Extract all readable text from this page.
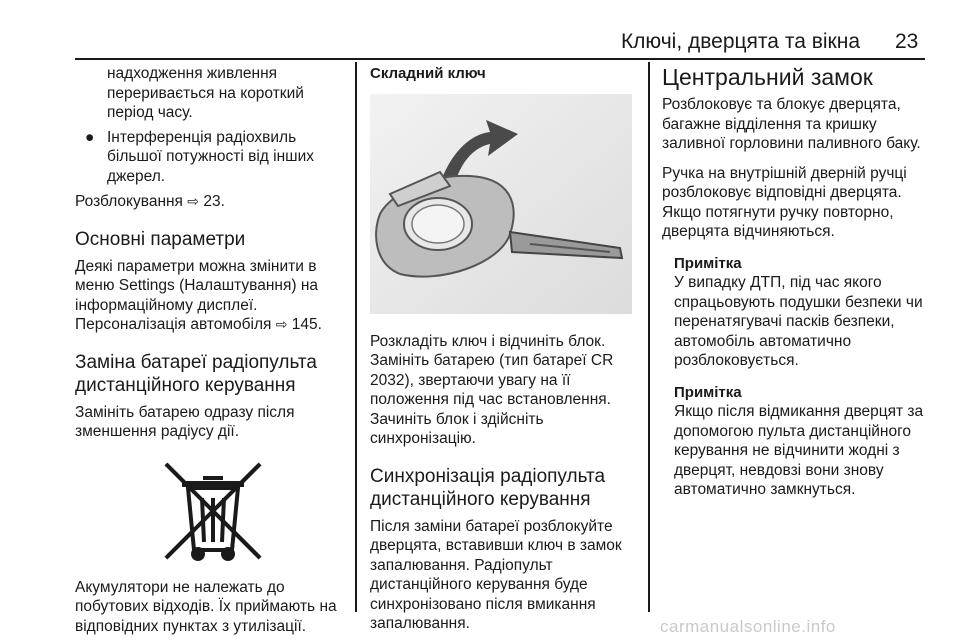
Ключі, дверцята та вікна 23

надходження живлення переривається на короткий період часу.

● Інтерференція радіохвиль більшої потужності від інших джерел.

Розблокування ⇨ 23.

Основні параметри

Деякі параметри можна змінити в меню Settings (Налаштування) на інформаційному дисплеї.

Персоналізація автомобіля ⇨ 145.

Заміна батареї радіопульта дистанційного керування

Замініть батарею одразу після зменшення радіусу дії.

Акумулятори не належать до побутових відходів. Їх приймають на відповідних пунктах з утилізації.

Складний ключ

Розкладіть ключ і відчиніть блок. Замініть батарею (тип батареї CR 2032), звертаючи увагу на її положення під час встановлення. Зачиніть блок і здійсніть синхронізацію.

Синхронізація радіопульта дистанційного керування

Після заміни батареї розблокуйте дверцята, вставивши ключ в замок запалювання. Радіопульт дистанційного керування буде синхронізовано після вмикання запалювання.

Центральний замок

Розблоковує та блокує дверцята, багажне відділення та кришку заливної горловини паливного баку.

Ручка на внутрішній дверній ручці розблоковує відповідні дверцята. Якщо потягнути ручку повторно, дверцята відчиняються.

Примітка

У випадку ДТП, під час якого спрацьовують подушки безпеки чи перенатягувачі пасків безпеки, автомобіль автоматично розблоковується.

Примітка

Якщо після відмикання дверцят за допомогою пульта дистанційного керування не відчинити жодні з дверцят, невдовзі вони знову автоматично замкнуться.

carmanualsonline.info
